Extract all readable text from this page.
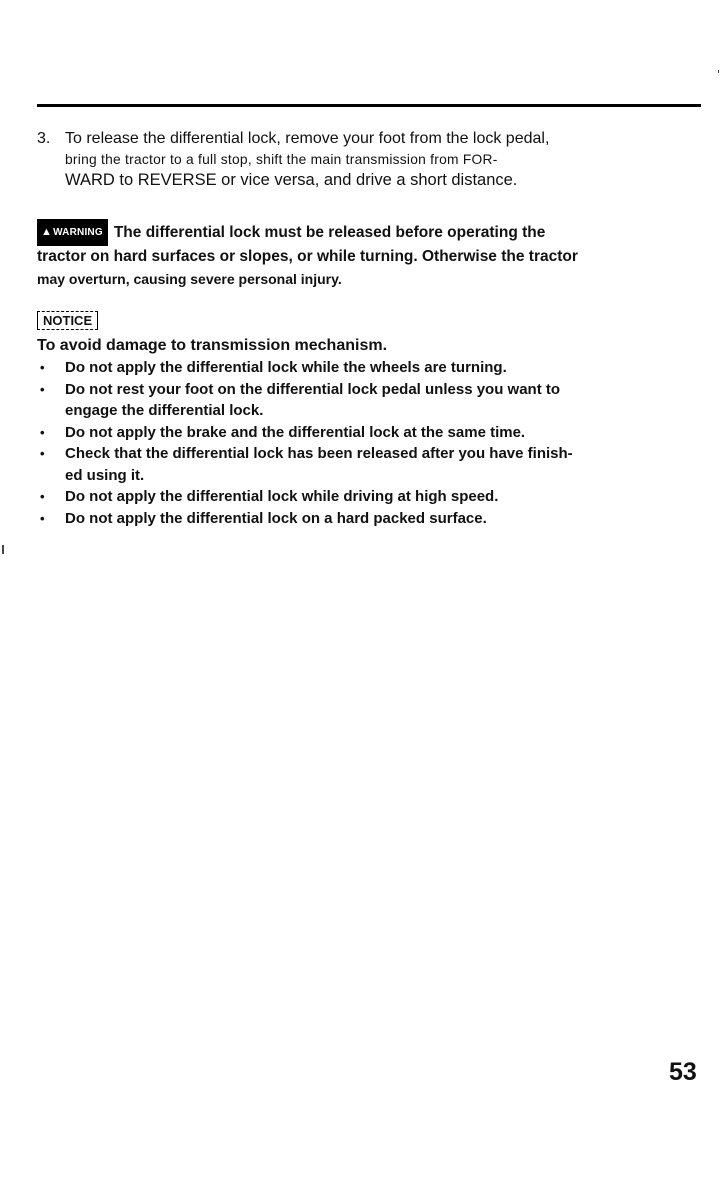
3. To release the differential lock, remove your foot from the lock pedal,
bring the tractor to a full stop, shift the main transmission from FOR-
WARD to REVERSE or vice versa, and drive a short distance.
▲WARNING The differential lock must be released before operating the
tractor on hard surfaces or slopes, or while turning. Otherwise the tractor
may overturn, causing severe personal injury.
NOTICE
To avoid damage to transmission mechanism.
• Do not apply the differential lock while the wheels are turning.
• Do not rest your foot on the differential lock pedal unless you want to
engage the differential lock.
• Do not apply the brake and the differential lock at the same time.
• Check that the differential lock has been released after you have finish-
ed using it.
• Do not apply the differential lock while driving at high speed.
• Do not apply the differential lock on a hard packed surface.
53
